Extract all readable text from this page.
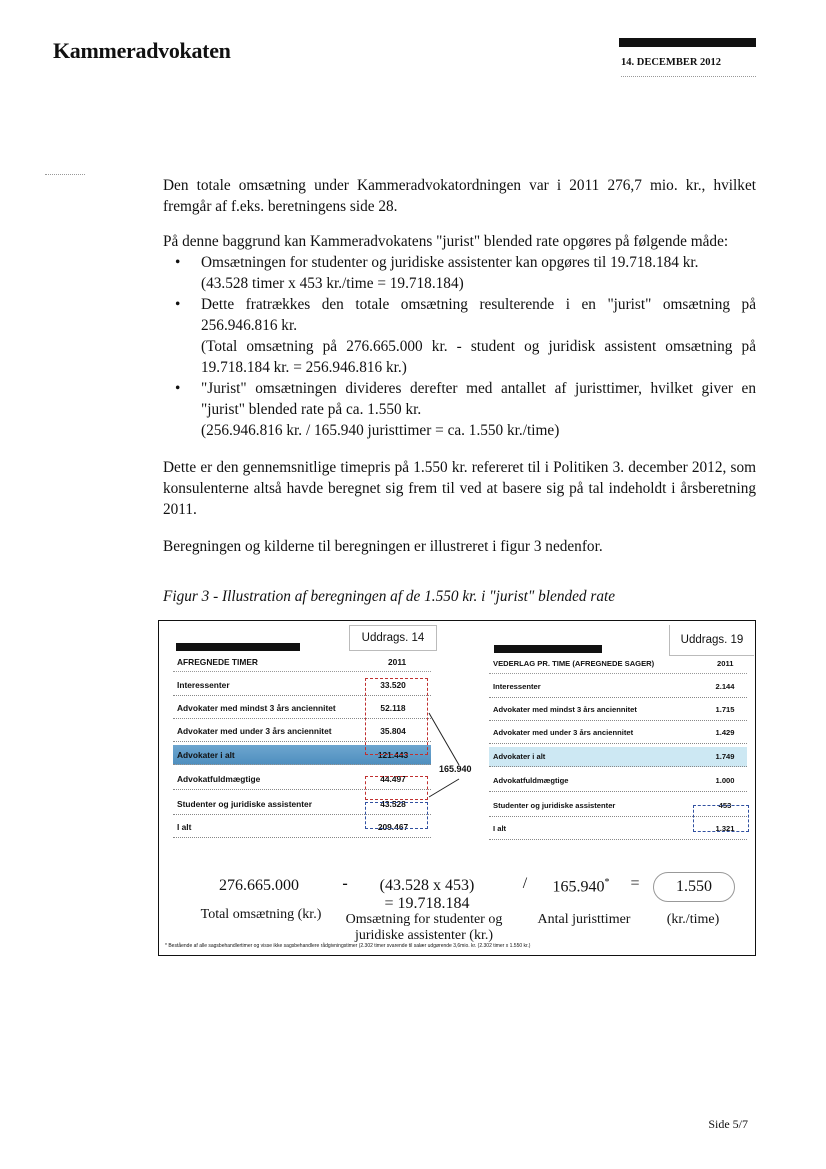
Kammeradvokaten	14. DECEMBER 2012

Den totale omsætning under Kammeradvokatordningen var i 2011 276,7 mio. kr., hvilket fremgår af f.eks. beretningens side 28.

På denne baggrund kan Kammeradvokatens "jurist" blended rate opgøres på følgende måde:

• Omsætningen for studenter og juridiske assistenter kan opgøres til 19.718.184 kr.
(43.528 timer x 453 kr./time = 19.718.184)
• Dette fratrækkes den totale omsætning resulterende i en "jurist" omsætning på 256.946.816 kr.
(Total omsætning på 276.665.000 kr. - student og juridisk assistent omsætning på 19.718.184 kr. = 256.946.816 kr.)
• "Jurist" omsætningen divideres derefter med antallet af juristtimer, hvilket giver en "jurist" blended rate på ca. 1.550 kr.
(256.946.816 kr. / 165.940 juristtimer = ca. 1.550 kr./time)

Dette er den gennemsnitlige timepris på 1.550 kr. refereret til i Politiken 3. december 2012, som konsulenterne altså havde beregnet sig frem til ved at basere sig på tal indeholdt i årsberetning 2011.

Beregningen og kilderne til beregningen er illustreret i figur 3 nedenfor.

Figur 3 - Illustration af beregningen af de 1.550 kr. i "jurist" blended rate
Uddrags. 14
AFREGNEDE TIMER	2011
Interessenter	33.520
Advokater med mindst 3 års anciennitet	52.118
Advokater med under 3 års anciennitet	35.804
Advokater i alt	121.443
Advokatfuldmægtige	44.497
Studenter og juridiske assistenter	43.528
I alt	209.467
165.940
Uddrags. 19
VEDERLAG PR. TIME (AFREGNEDE SAGER)	2011
Interessenter	2.144
Advokater med mindst 3 års anciennitet	1.715
Advokater med under 3 års anciennitet	1.429
Advokater i alt	1.749
Advokatfuldmægtige	1.000
Studenter og juridiske assistenter	453
I alt	1.321
276.665.000
Total omsætning (kr.)
-	(43.528 x 453)
= 19.718.184
Omsætning for studenter og juridiske assistenter (kr.)
/	165.940*
Antal juristtimer
=	1.550
(kr./time)
* Bestående af alle sagsbehandlertimer og visse ikke sagsbehandlere rådgivningstimer (2.302 timer svarende til salær udgørende 3,6mio. kr. (2.302 timer x 1.550 kr.)
Side 5/7
